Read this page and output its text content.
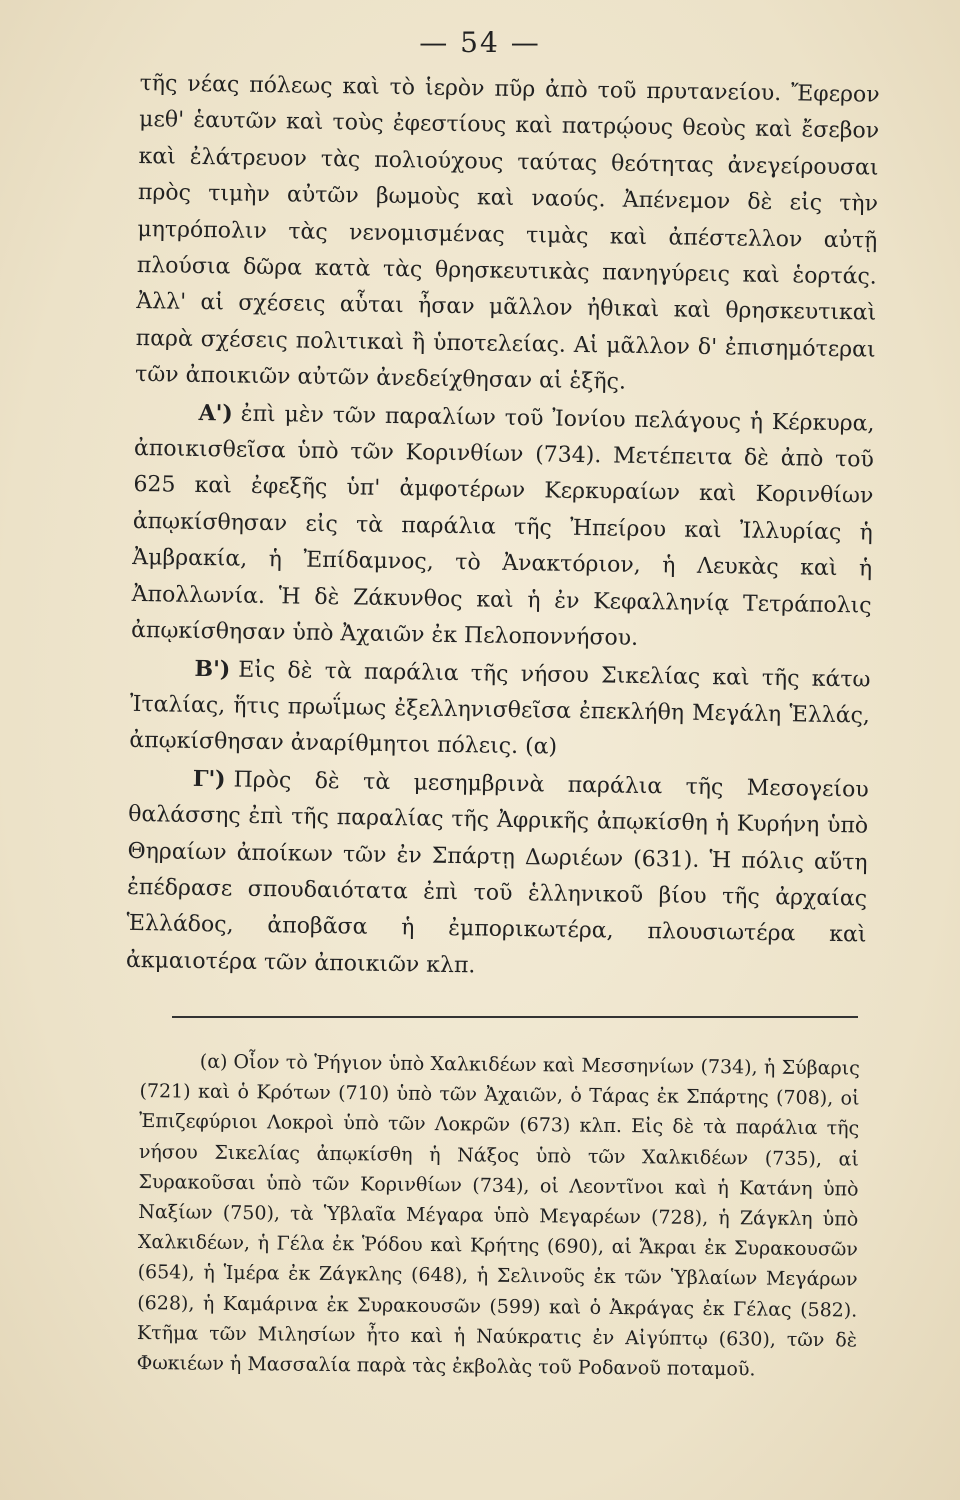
— 54 —

τῆς νέας πόλεως καὶ τὸ ἱερὸν πῦρ ἀπὸ τοῦ πρυτανείου. Ἔφερον μεθ' ἑαυτῶν καὶ τοὺς ἐφεστίους καὶ πατρῴους θεοὺς καὶ ἔσεβον καὶ ἐλάτρευον τὰς πολιούχους ταύτας θεότητας ἀνεγείρουσαι πρὸς τιμὴν αὐτῶν βωμοὺς καὶ ναούς. Ἀπένεμον δὲ εἰς τὴν μητρόπολιν τὰς νενομισμένας τιμὰς καὶ ἀπέστελλον αὐτῇ πλούσια δῶρα κατὰ τὰς θρησκευτικὰς πανηγύρεις καὶ ἑορτάς. Ἀλλ' αἱ σχέσεις αὗται ἦσαν μᾶλλον ἠθικαὶ καὶ θρησκευτικαὶ παρὰ σχέσεις πολιτικαὶ ἢ ὑποτελείας. Αἱ μᾶλλον δ' ἐπισημότεραι τῶν ἀποικιῶν αὐτῶν ἀνεδείχθησαν αἱ ἑξῆς.

Α') ἐπὶ μὲν τῶν παραλίων τοῦ Ἰονίου πελάγους ἡ Κέρκυρα, ἀποικισθεῖσα ὑπὸ τῶν Κορινθίων (734). Μετέπειτα δὲ ἀπὸ τοῦ 625 καὶ ἐφεξῆς ὑπ' ἀμφοτέρων Κερκυραίων καὶ Κορινθίων ἀπῳκίσθησαν εἰς τὰ παράλια τῆς Ἠπείρου καὶ Ἰλλυρίας ἡ Ἀμβρακία, ἡ Ἐπίδαμνος, τὸ Ἀνακτόριον, ἡ Λευκὰς καὶ ἡ Ἀπολλωνία. Ἡ δὲ Ζάκυνθος καὶ ἡ ἐν Κεφαλληνίᾳ Τετράπολις ἀπῳκίσθησαν ὑπὸ Ἀχαιῶν ἐκ Πελοποννήσου.

Β') Εἰς δὲ τὰ παράλια τῆς νήσου Σικελίας καὶ τῆς κάτω Ἰταλίας, ἥτις πρωΐμως ἐξελληνισθεῖσα ἐπεκλήθη Μεγάλη Ἑλλάς, ἀπῳκίσθησαν ἀναρίθμητοι πόλεις. (α)

Γ') Πρὸς δὲ τὰ μεσημβρινὰ παράλια τῆς Μεσογείου θαλάσσης ἐπὶ τῆς παραλίας τῆς Ἀφρικῆς ἀπῳκίσθη ἡ Κυρήνη ὑπὸ Θηραίων ἀποίκων τῶν ἐν Σπάρτῃ Δωριέων (631). Ἡ πόλις αὕτη ἐπέδρασε σπουδαιότατα ἐπὶ τοῦ ἑλληνικοῦ βίου τῆς ἀρχαίας Ἑλλάδος, ἀποβᾶσα ἡ ἐμπορικωτέρα, πλουσιωτέρα καὶ ἀκμαιοτέρα τῶν ἀποικιῶν κλπ.

(α) Οἷον τὸ Ῥήγιον ὑπὸ Χαλκιδέων καὶ Μεσσηνίων (734), ἡ Σύβαρις (721) καὶ ὁ Κρότων (710) ὑπὸ τῶν Ἀχαιῶν, ὁ Τάρας ἐκ Σπάρτης (708), οἱ Ἐπιζεφύριοι Λοκροὶ ὑπὸ τῶν Λοκρῶν (673) κλπ. Εἰς δὲ τὰ παράλια τῆς νήσου Σικελίας ἀπῳκίσθη ἡ Νάξος ὑπὸ τῶν Χαλκιδέων (735), αἱ Συρακοῦσαι ὑπὸ τῶν Κορινθίων (734), οἱ Λεοντῖνοι καὶ ἡ Κατάνη ὑπὸ Ναξίων (750), τὰ Ὑβλαῖα Μέγαρα ὑπὸ Μεγαρέων (728), ἡ Ζάγκλη ὑπὸ Χαλκιδέων, ἡ Γέλα ἐκ Ῥόδου καὶ Κρήτης (690), αἱ Ἄκραι ἐκ Συρακουσῶν (654), ἡ Ἱμέρα ἐκ Ζάγκλης (648), ἡ Σελινοῦς ἐκ τῶν Ὑβλαίων Μεγάρων (628), ἡ Καμάρινα ἐκ Συρακουσῶν (599) καὶ ὁ Ἀκράγας ἐκ Γέλας (582). Κτῆμα τῶν Μιλησίων ἦτο καὶ ἡ Ναύκρατις ἐν Αἰγύπτῳ (630), τῶν δὲ Φωκιέων ἡ Μασσαλία παρὰ τὰς ἐκβολὰς τοῦ Ροδανοῦ ποταμοῦ.
